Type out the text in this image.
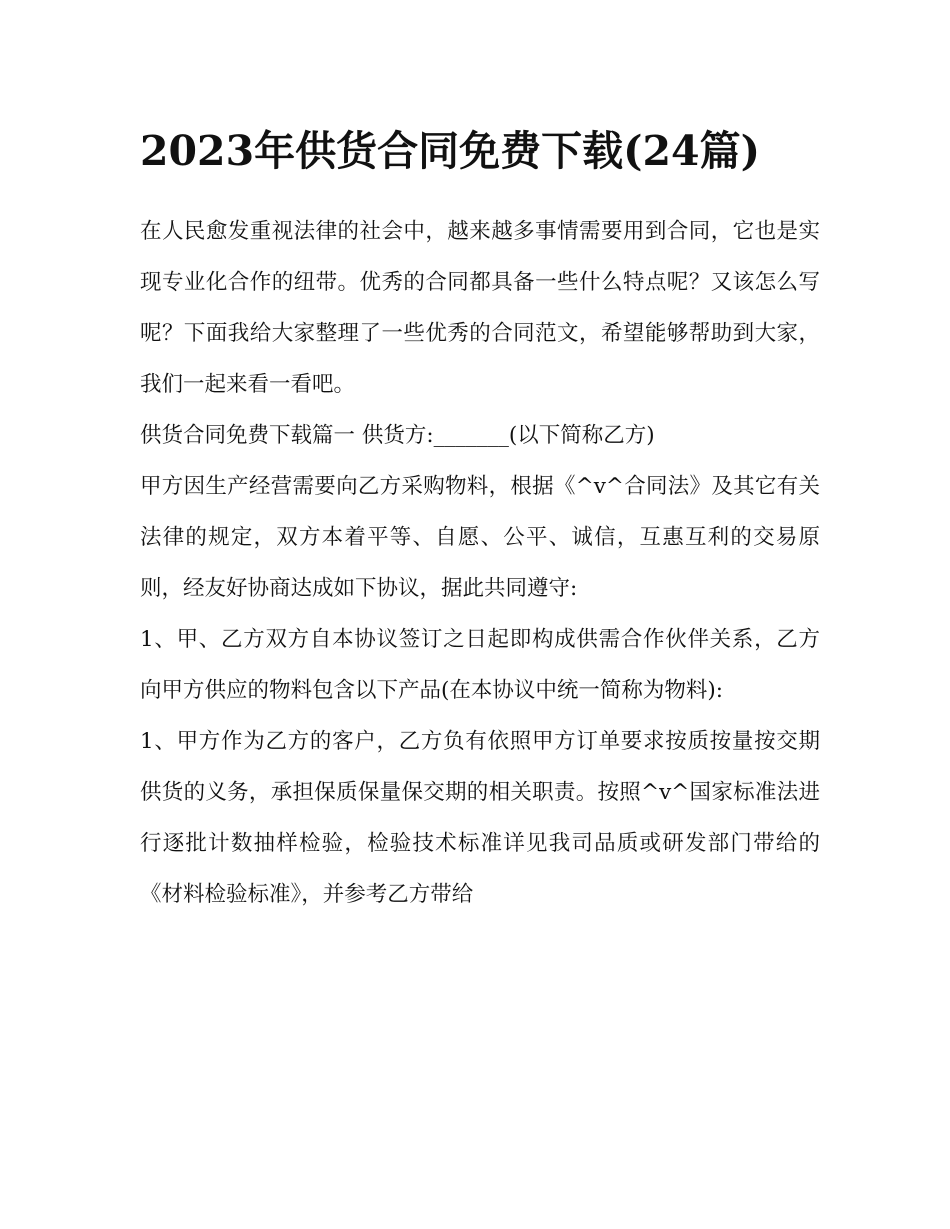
2023年供货合同免费下载(24篇)

在人民愈发重视法律的社会中，越来越多事情需要用到合同，它也是实现专业化合作的纽带。优秀的合同都具备一些什么特点呢？又该怎么写呢？下面我给大家整理了一些优秀的合同范文，希望能够帮助到大家，我们一起来看一看吧。

供货合同免费下载篇一 供货方:_______(以下简称乙方)

甲方因生产经营需要向乙方采购物料，根据《^v^合同法》及其它有关法律的规定，双方本着平等、自愿、公平、诚信，互惠互利的交易原则，经友好协商达成如下协议，据此共同遵守:

1、甲、乙方双方自本协议签订之日起即构成供需合作伙伴关系，乙方向甲方供应的物料包含以下产品(在本协议中统一简称为物料):

1、甲方作为乙方的客户，乙方负有依照甲方订单要求按质按量按交期供货的义务，承担保质保量保交期的相关职责。按照^v^国家标准法进行逐批计数抽样检验，检验技术标准详见我司品质或研发部门带给的《材料检验标准》，并参考乙方带给
